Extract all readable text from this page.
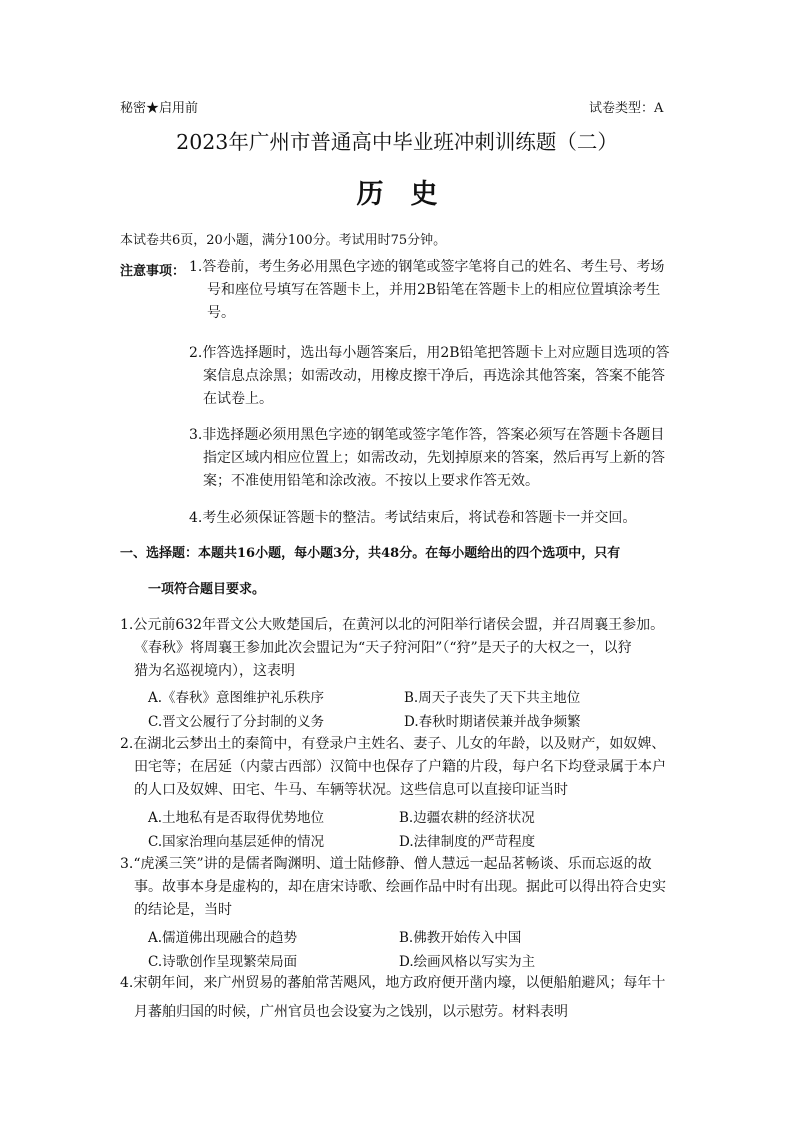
秘密★启用前	试卷类型：A
2023年广州市普通高中毕业班冲刺训练题（二）
历　史
本试卷共6页，20小题，满分100分。考试用时75分钟。
注意事项： 1.答卷前，考生务必用黑色字迹的钢笔或签字笔将自己的姓名、考生号、考场
号和座位号填写在答题卡上，并用2B铅笔在答题卡上的相应位置填涂考生
号。
2.作答选择题时，选出每小题答案后，用2B铅笔把答题卡上对应题目选项的答
案信息点涂黑；如需改动，用橡皮擦干净后，再选涂其他答案，答案不能答
在试卷上。
3.非选择题必须用黑色字迹的钢笔或签字笔作答，答案必须写在答题卡各题目
指定区域内相应位置上；如需改动，先划掉原来的答案，然后再写上新的答
案；不准使用铅笔和涂改液。不按以上要求作答无效。
4.考生必须保证答题卡的整洁。考试结束后，将试卷和答题卡一并交回。
一、选择题：本题共16小题，每小题3分，共48分。在每小题给出的四个选项中，只有
一项符合题目要求。
1.公元前632年晋文公大败楚国后，在黄河以北的河阳举行诸侯会盟，并召周襄王参加。
《春秋》将周襄王参加此次会盟记为“天子狩河阳”（“狩”是天子的大权之一，以狩
猎为名巡视境内），这表明
A.《春秋》意图维护礼乐秩序	B.周天子丧失了天下共主地位
C.晋文公履行了分封制的义务	D.春秋时期诸侯兼并战争频繁
2.在湖北云梦出土的秦简中，有登录户主姓名、妻子、儿女的年龄，以及财产，如奴婢、
田宅等；在居延（内蒙古西部）汉简中也保存了户籍的片段，每户名下均登录属于本户
的人口及奴婢、田宅、牛马、车辆等状况。这些信息可以直接印证当时
A.土地私有是否取得优势地位	B.边疆农耕的经济状况
C.国家治理向基层延伸的情况	D.法律制度的严苛程度
3.“虎溪三笑”讲的是儒者陶渊明、道士陆修静、僧人慧远一起品茗畅谈、乐而忘返的故
事。故事本身是虚构的，却在唐宋诗歌、绘画作品中时有出现。据此可以得出符合史实
的结论是，当时
A.儒道佛出现融合的趋势	B.佛教开始传入中国
C.诗歌创作呈现繁荣局面	D.绘画风格以写实为主
4.宋朝年间，来广州贸易的蕃舶常苦飓风，地方政府便开凿内壕，以便船舶避风；每年十
月蕃舶归国的时候，广州官员也会设宴为之饯别，以示慰劳。材料表明
